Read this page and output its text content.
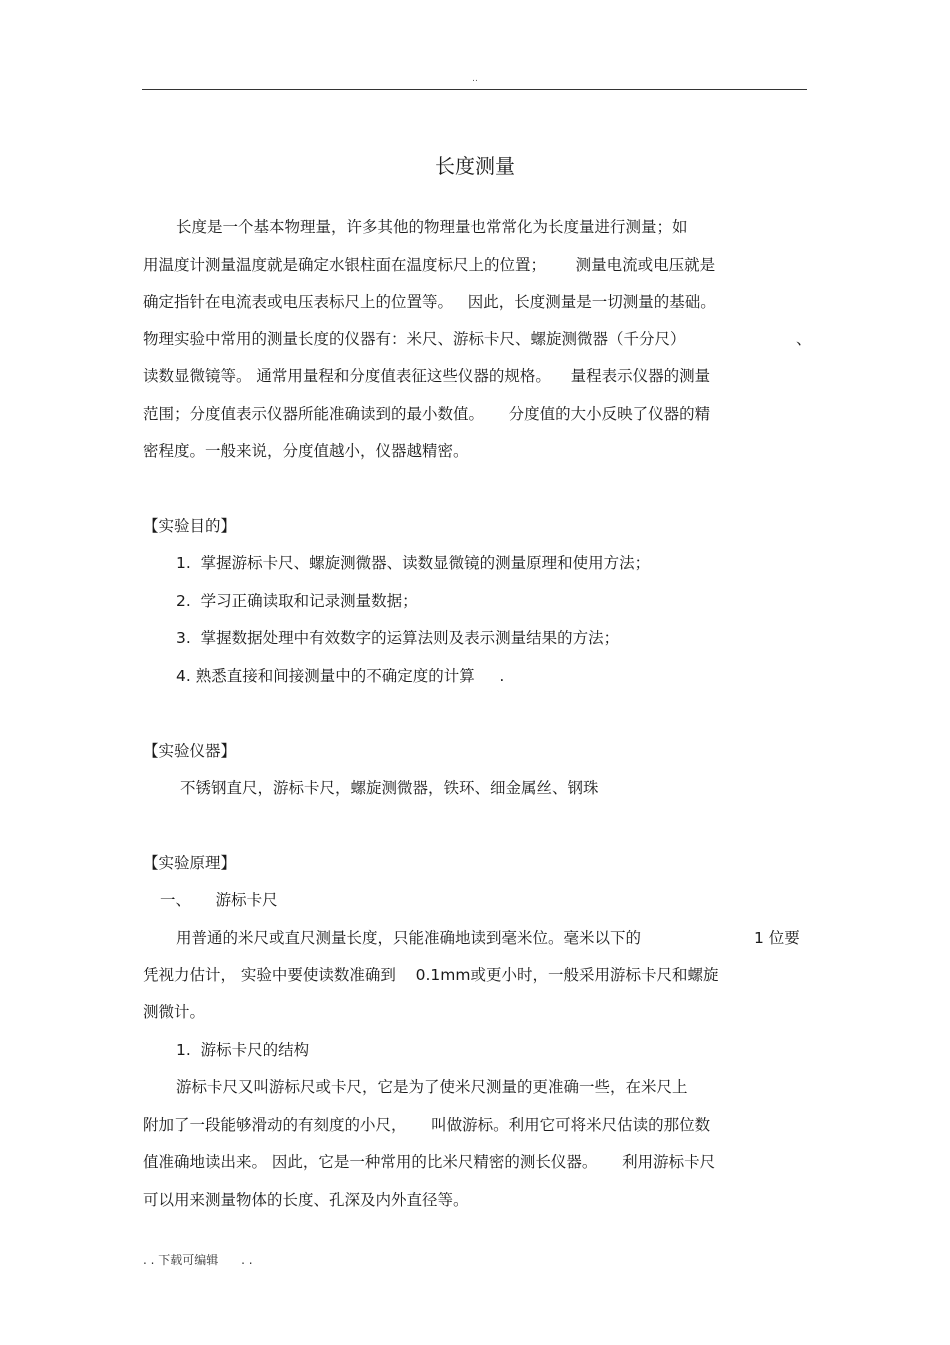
..
长度测量
长度是一个基本物理量，许多其他的物理量也常常化为长度量进行测量；如
用温度计测量温度就是确定水银柱面在温度标尺上的位置；      测量电流或电压就是
确定指针在电流表或电压表标尺上的位置等。   因此，长度测量是一切测量的基础。
物理实验中常用的测量长度的仪器有：米尺、游标卡尺、螺旋测微器（千分尺）	、
读数显微镜等。 通常用量程和分度值表征这些仪器的规格。    量程表示仪器的测量
范围；分度值表示仪器所能准确读到的最小数值。     分度值的大小反映了仪器的精
密程度。一般来说，分度值越小，仪器越精密。
【实验目的】
1.  掌握游标卡尺、螺旋测微器、读数显微镜的测量原理和使用方法；
2.  学习正确读取和记录测量数据；
3.  掌握数据处理中有效数字的运算法则及表示测量结果的方法；
4. 熟悉直接和间接测量中的不确定度的计算     .
【实验仪器】
不锈钢直尺，游标卡尺，螺旋测微器，铁环、细金属丝、钢珠
【实验原理】
一、     游标卡尺
用普通的米尺或直尺测量长度，只能准确地读到毫米位。毫米以下的	1 位要
凭视力估计， 实验中要使读数准确到    0.1mm或更小时，一般采用游标卡尺和螺旋
测微计。
1.  游标卡尺的结构
游标卡尺又叫游标尺或卡尺，它是为了使米尺测量的更准确一些，在米尺上
附加了一段能够滑动的有刻度的小尺，     叫做游标。利用它可将米尺估读的那位数
值准确地读出来。 因此，它是一种常用的比米尺精密的测长仪器。     利用游标卡尺
可以用来测量物体的长度、孔深及内外直径等。
. . 下载可编辑      . .
